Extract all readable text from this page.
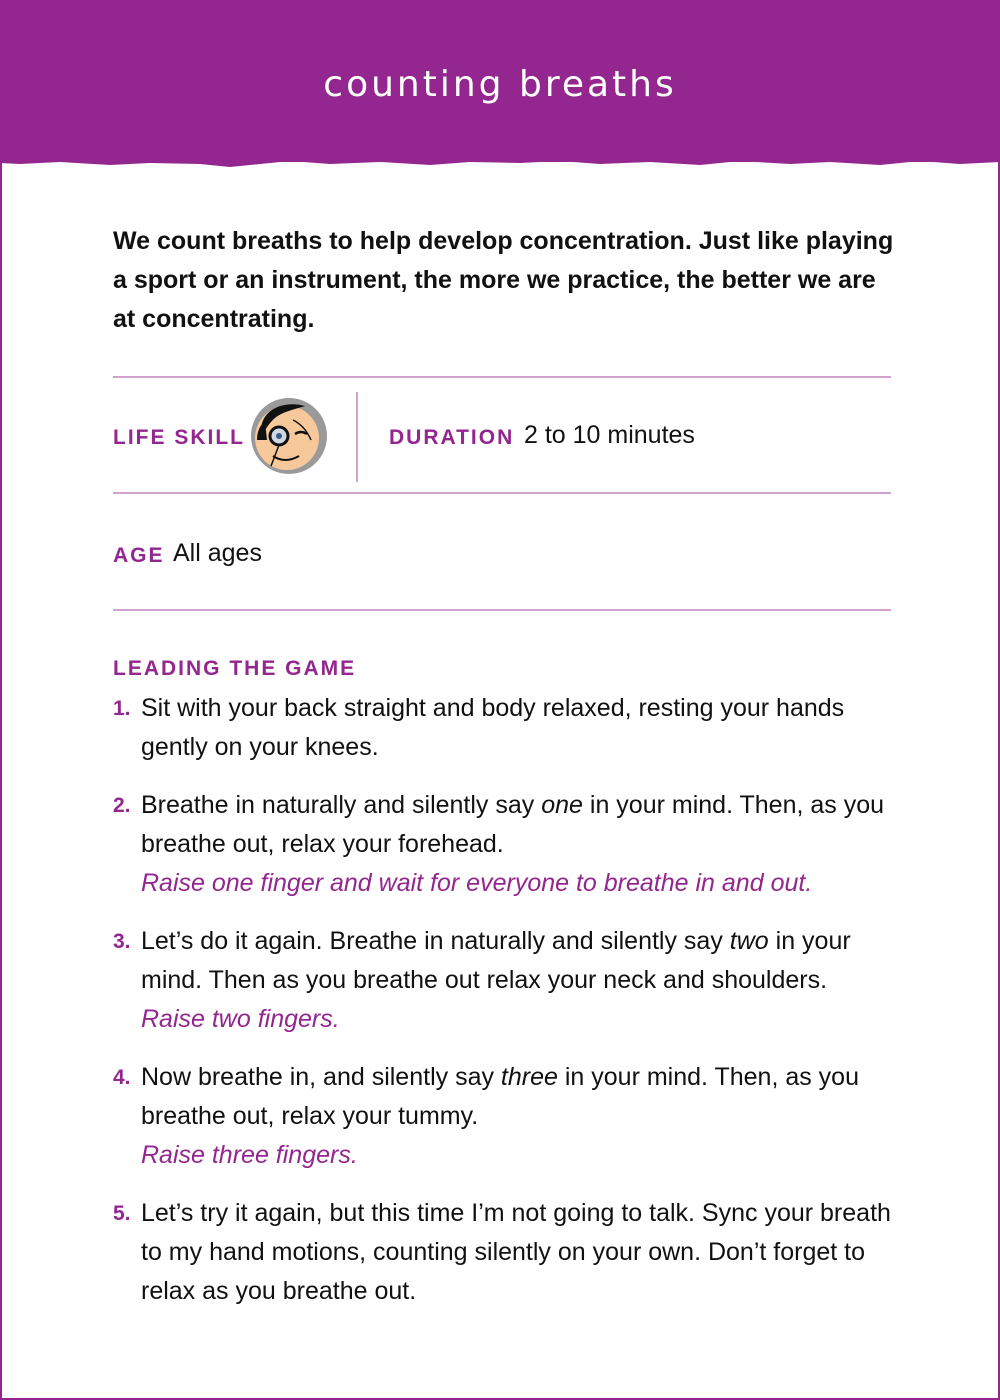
counting breaths

We count breaths to help develop concentration. Just like playing a sport or an instrument, the more we practice, the better we are at concentrating.

LIFE SKILL	DURATION 2 to 10 minutes
AGE All ages
LEADING THE GAME
1. Sit with your back straight and body relaxed, resting your hands gently on your knees.
2. Breathe in naturally and silently say one in your mind. Then, as you breathe out, relax your forehead.
Raise one finger and wait for everyone to breathe in and out.
3. Let’s do it again. Breathe in naturally and silently say two in your mind. Then as you breathe out relax your neck and shoulders.
Raise two fingers.
4. Now breathe in, and silently say three in your mind. Then, as you breathe out, relax your tummy.
Raise three fingers.
5. Let’s try it again, but this time I’m not going to talk. Sync your breath to my hand motions, counting silently on your own. Don’t forget to relax as you breathe out.
